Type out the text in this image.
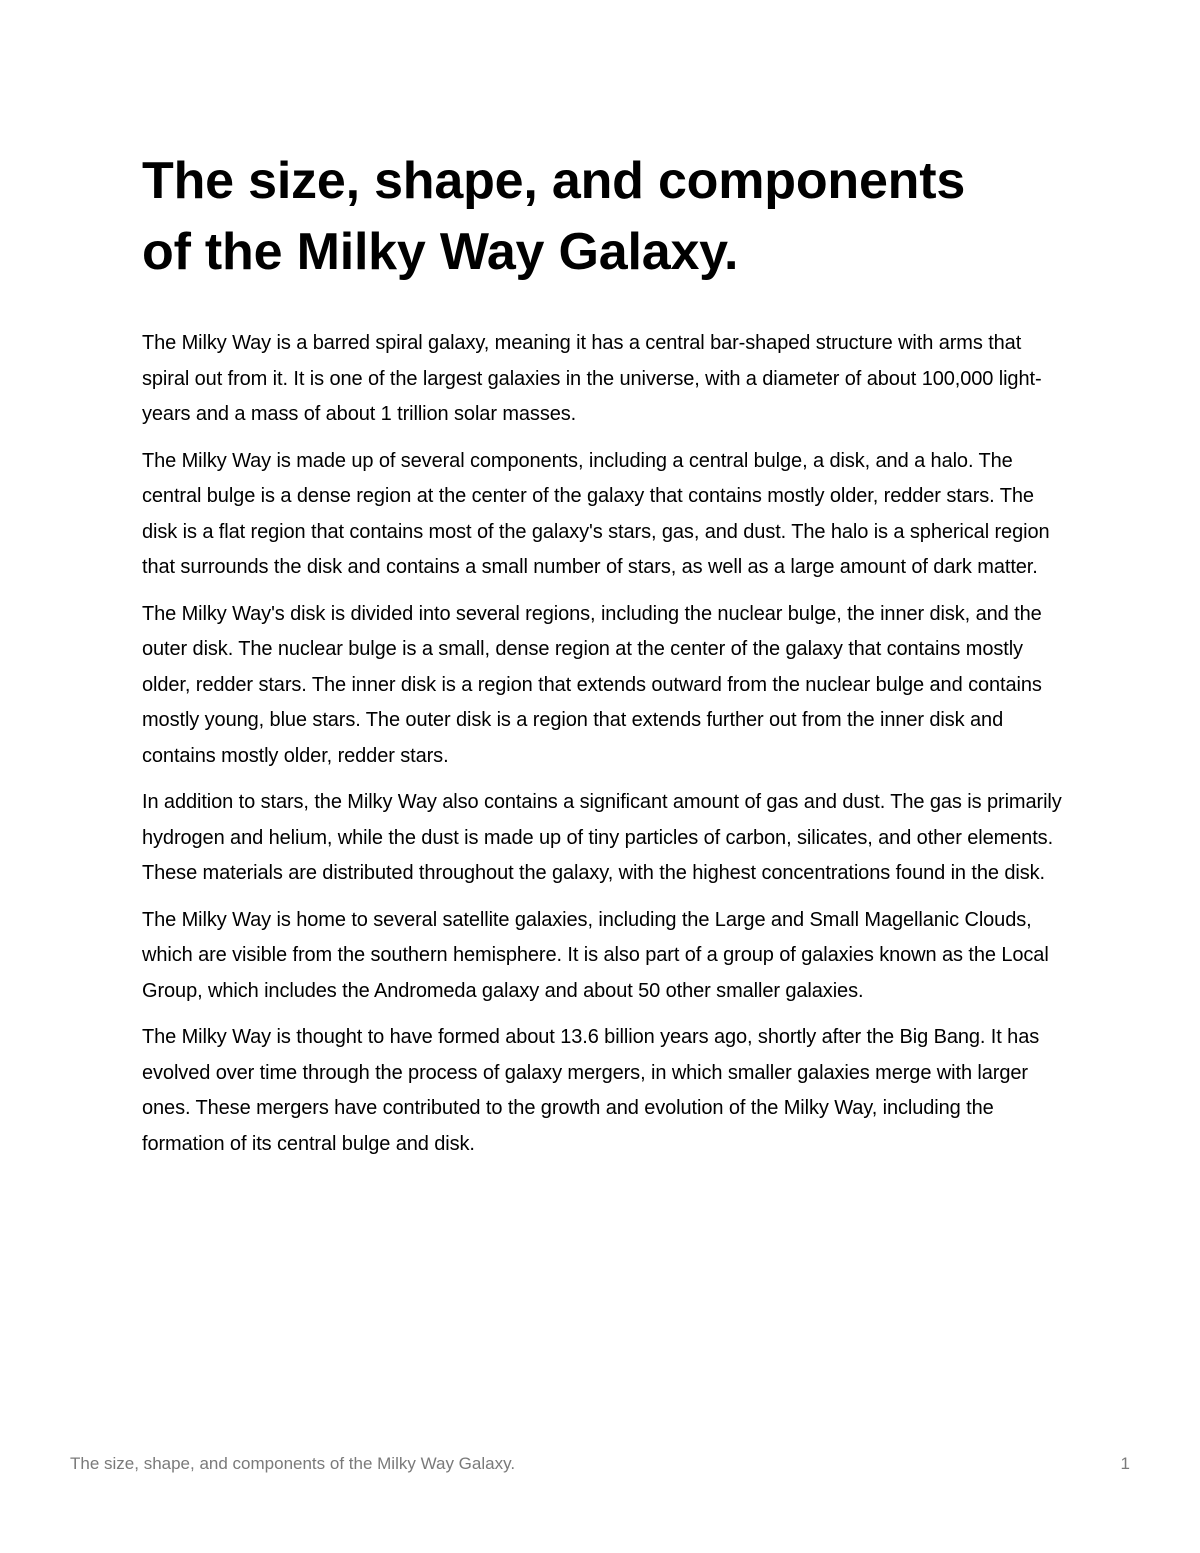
The size, shape, and components of the Milky Way Galaxy.

The Milky Way is a barred spiral galaxy, meaning it has a central bar-shaped structure with arms that spiral out from it. It is one of the largest galaxies in the universe, with a diameter of about 100,000 light-years and a mass of about 1 trillion solar masses.

The Milky Way is made up of several components, including a central bulge, a disk, and a halo. The central bulge is a dense region at the center of the galaxy that contains mostly older, redder stars. The disk is a flat region that contains most of the galaxy's stars, gas, and dust. The halo is a spherical region that surrounds the disk and contains a small number of stars, as well as a large amount of dark matter.

The Milky Way's disk is divided into several regions, including the nuclear bulge, the inner disk, and the outer disk. The nuclear bulge is a small, dense region at the center of the galaxy that contains mostly older, redder stars. The inner disk is a region that extends outward from the nuclear bulge and contains mostly young, blue stars. The outer disk is a region that extends further out from the inner disk and contains mostly older, redder stars.

In addition to stars, the Milky Way also contains a significant amount of gas and dust. The gas is primarily hydrogen and helium, while the dust is made up of tiny particles of carbon, silicates, and other elements. These materials are distributed throughout the galaxy, with the highest concentrations found in the disk.

The Milky Way is home to several satellite galaxies, including the Large and Small Magellanic Clouds, which are visible from the southern hemisphere. It is also part of a group of galaxies known as the Local Group, which includes the Andromeda galaxy and about 50 other smaller galaxies.

The Milky Way is thought to have formed about 13.6 billion years ago, shortly after the Big Bang. It has evolved over time through the process of galaxy mergers, in which smaller galaxies merge with larger ones. These mergers have contributed to the growth and evolution of the Milky Way, including the formation of its central bulge and disk.

The size, shape, and components of the Milky Way Galaxy.	1
